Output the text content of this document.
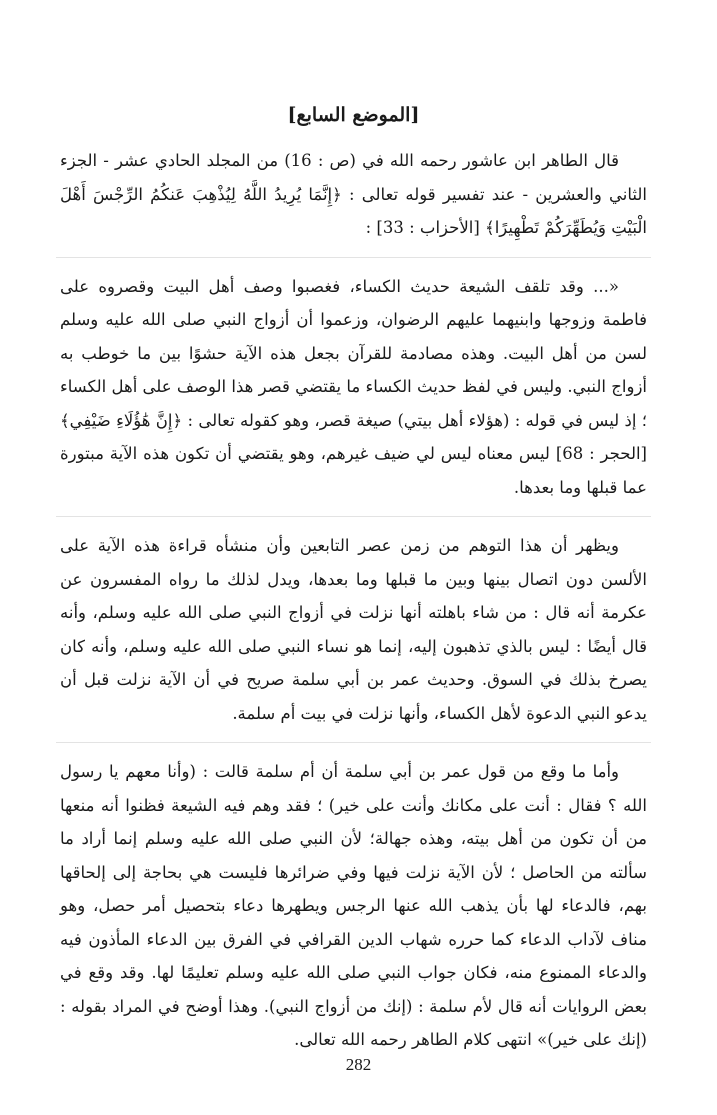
[الموضع السابع]

قال الطاهر ابن عاشور رحمه الله في (ص : 16) من المجلد الحادي عشر - الجزء الثاني والعشرين - عند تفسير قوله تعالى : ﴿إِنَّمَا يُرِيدُ اللَّهُ لِيُذْهِبَ عَنكُمُ الرِّجْسَ أَهْلَ الْبَيْتِ وَيُطَهِّرَكُمْ تَطْهِيرًا﴾ [الأحزاب : 33] :

«... وقد تلقف الشيعة حديث الكساء، فغصبوا وصف أهل البيت وقصروه على فاطمة وزوجها وابنيهما عليهم الرضوان، وزعموا أن أزواج النبي صلى الله عليه وسلم لسن من أهل البيت. وهذه مصادمة للقرآن بجعل هذه الآية حشوًا بين ما خوطب به أزواج النبي. وليس في لفظ حديث الكساء ما يقتضي قصر هذا الوصف على أهل الكساء ؛ إذ ليس في قوله : (هؤلاء أهل بيتي) صيغة قصر، وهو كقوله تعالى : ﴿إِنَّ هَٰؤُلَاءِ ضَيْفِي﴾ [الحجر : 68] ليس معناه ليس لي ضيف غيرهم، وهو يقتضي أن تكون هذه الآية مبتورة عما قبلها وما بعدها.

ويظهر أن هذا التوهم من زمن عصر التابعين وأن منشأه قراءة هذه الآية على الألسن دون اتصال بينها وبين ما قبلها وما بعدها، ويدل لذلك ما رواه المفسرون عن عكرمة أنه قال : من شاء باهلته أنها نزلت في أزواج النبي صلى الله عليه وسلم، وأنه قال أيضًا : ليس بالذي تذهبون إليه، إنما هو نساء النبي صلى الله عليه وسلم، وأنه كان يصرخ بذلك في السوق. وحديث عمر بن أبي سلمة صريح في أن الآية نزلت قبل أن يدعو النبي الدعوة لأهل الكساء، وأنها نزلت في بيت أم سلمة.

وأما ما وقع من قول عمر بن أبي سلمة أن أم سلمة قالت : (وأنا معهم يا رسول الله ؟ فقال : أنت على مكانك وأنت على خير) ؛ فقد وهم فيه الشيعة فظنوا أنه منعها من أن تكون من أهل بيته، وهذه جهالة؛ لأن النبي صلى الله عليه وسلم إنما أراد ما سألته من الحاصل ؛ لأن الآية نزلت فيها وفي ضرائرها فليست هي بحاجة إلى إلحاقها بهم، فالدعاء لها بأن يذهب الله عنها الرجس ويطهرها دعاء بتحصيل أمر حصل، وهو مناف لآداب الدعاء كما حرره شهاب الدين القرافي في الفرق بين الدعاء المأذون فيه والدعاء الممنوع منه، فكان جواب النبي صلى الله عليه وسلم تعليمًا لها. وقد وقع في بعض الروايات أنه قال لأم سلمة : (إنك من أزواج النبي). وهذا أوضح في المراد بقوله : (إنك على خير)» انتهى كلام الطاهر رحمه الله تعالى.

282
